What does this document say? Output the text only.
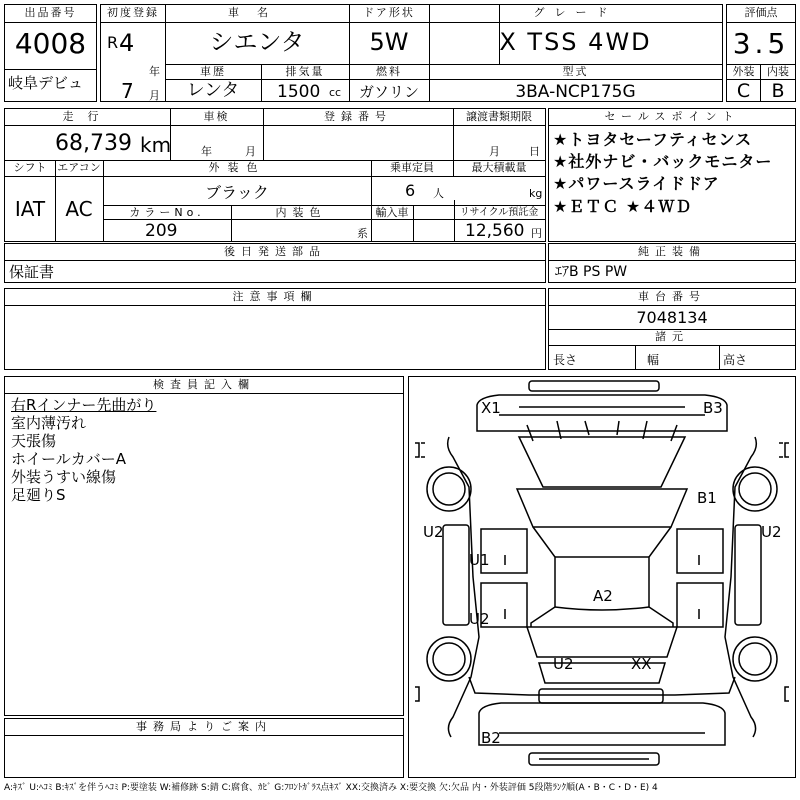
出品番号
4008
岐阜デビュ
初度登録
R 4
年
7 月
車名
シエンタ
ドア形状
5W
グレード
X TSS 4WD
車歴
レンタ
排気量
1500 cc
燃料
ガソリン
型式
3BA-NCP175G
評価点
3.5
外装	内装
C	B
走行
68,739 km
車検
年	月
登録番号	譲渡書類期限
月	日
シフト
IAT
エアコン
AC
外装色
ブラック
乗車定員
6 人
最大積載量
kg
カラーNo.
209
内装色
系
輸入車	リサイクル預託金
12,560 円
セールスポイント
★トヨタセーフティセンス
★社外ナビ・バックモニター
★パワースライドドア
★ＥＴＣ ★４ＷＤ
後日発送部品
保証書
純正装備
ｴｱB PS PW
注意事項欄	車台番号
7048134
諸元
長さ	幅	高さ
検査員記入欄
右Rインナー先曲がり
室内薄汚れ
天張傷
ホイールカバーA
外装うすい線傷
足廻りS
事務局よりご案内
X1	B3
B1
U2	U2
U1
U2
A2
U2	XX
B2
A:ｷｽﾞ U:ﾍｺﾐ B:ｷｽﾞを伴うﾍｺﾐ P:要塗装 W:補修跡 S:錆 C:腐食、ｶﾋﾞ G:ﾌﾛﾝﾄｶﾞﾗｽ点ｷｽﾞ XX:交換済み X:要交換 欠:欠品 内・外装評価 5段階ﾗﾝｸ順(A・B・C・D・E) 4
